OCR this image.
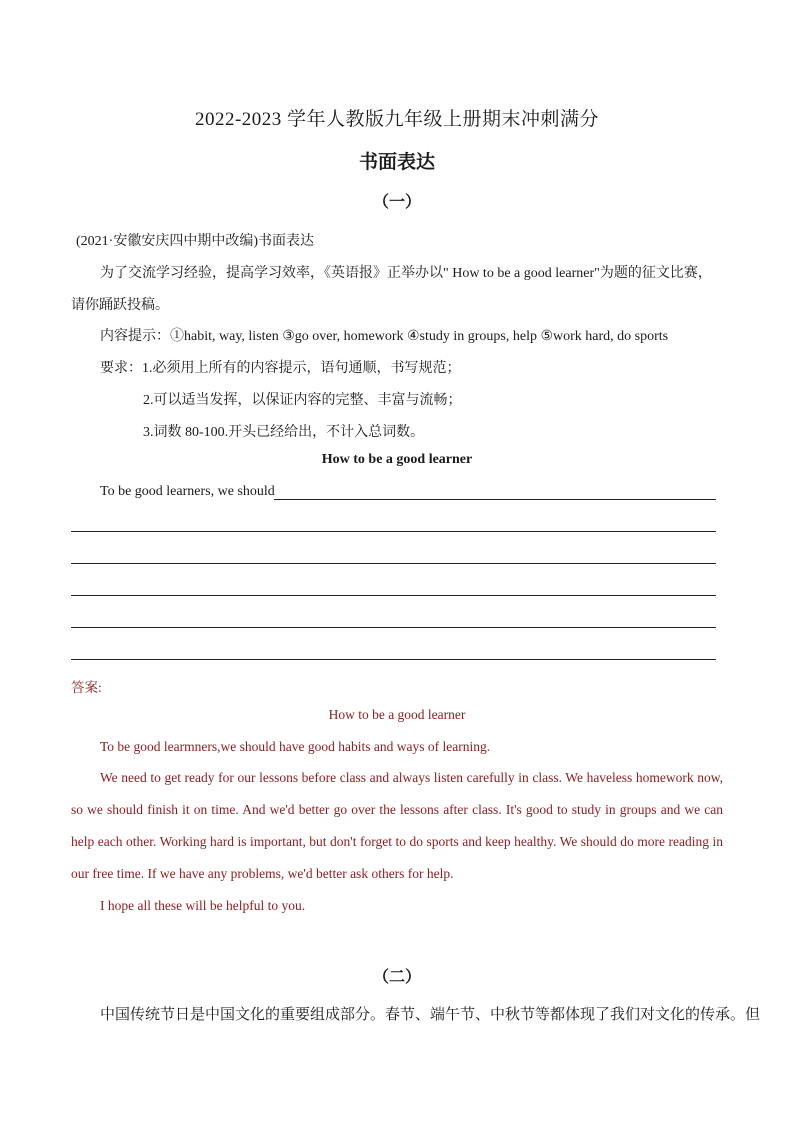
2022-2023 学年人教版九年级上册期末冲刺满分
书面表达
（一）
(2021·安徽安庆四中期中改编)书面表达
为了交流学习经验，提高学习效率，《英语报》正举办以" How to be a good learner"为题的征文比赛，
请你踊跃投稿。
内容提示：①habit, way, listen ③go over, homework ④study in groups, help ⑤work hard, do sports
要求：1.必须用上所有的内容提示，语句通顺，书写规范；
2.可以适当发挥，以保证内容的完整、丰富与流畅；
3.词数 80-100.开头已经给出，不计入总词数。
How to be a good learner
To be good learners, we should
答案:
How to be a good learner
To be good learmners,we should have good habits and ways of learning.
We need to get ready for our lessons before class and always listen carefully in class. We haveless homework now, so we should finish it on time. And we'd better go over the lessons after class. It's good to study in groups and we can help each other. Working hard is important, but don't forget to do sports and keep healthy. We should do more reading in our free time. If we have any problems, we'd better ask others for help.
I hope all these will be helpful to you.
（二）
中国传统节日是中国文化的重要组成部分。春节、端午节、中秋节等都体现了我们对文化的传承。但
